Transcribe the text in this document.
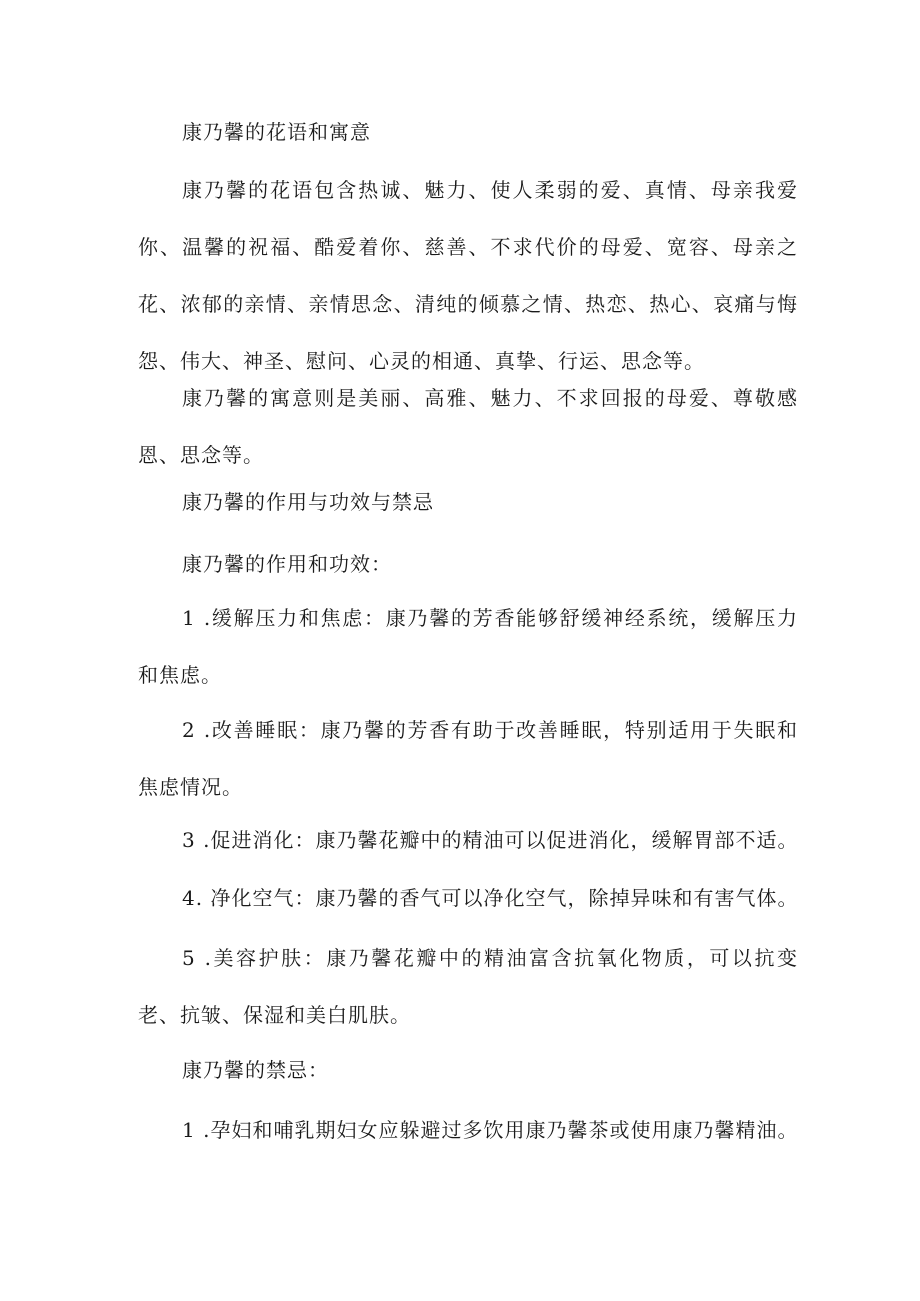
康乃馨的花语和寓意

康乃馨的花语包含热诚、魅力、使人柔弱的爱、真情、母亲我爱你、温馨的祝福、酷爱着你、慈善、不求代价的母爱、宽容、母亲之花、浓郁的亲情、亲情思念、清纯的倾慕之情、热恋、热心、哀痛与悔怨、伟大、神圣、慰问、心灵的相通、真挚、行运、思念等。

康乃馨的寓意则是美丽、高雅、魅力、不求回报的母爱、尊敬感恩、思念等。

康乃馨的作用与功效与禁忌

康乃馨的作用和功效：

1 .缓解压力和焦虑：康乃馨的芳香能够舒缓神经系统，缓解压力和焦虑。

2 .改善睡眠：康乃馨的芳香有助于改善睡眠，特别适用于失眠和焦虑情况。

3 .促进消化：康乃馨花瓣中的精油可以促进消化，缓解胃部不适。

4. 净化空气：康乃馨的香气可以净化空气，除掉异味和有害气体。

5 .美容护肤：康乃馨花瓣中的精油富含抗氧化物质，可以抗变老、抗皱、保湿和美白肌肤。

康乃馨的禁忌：

1 .孕妇和哺乳期妇女应躲避过多饮用康乃馨茶或使用康乃馨精油。
